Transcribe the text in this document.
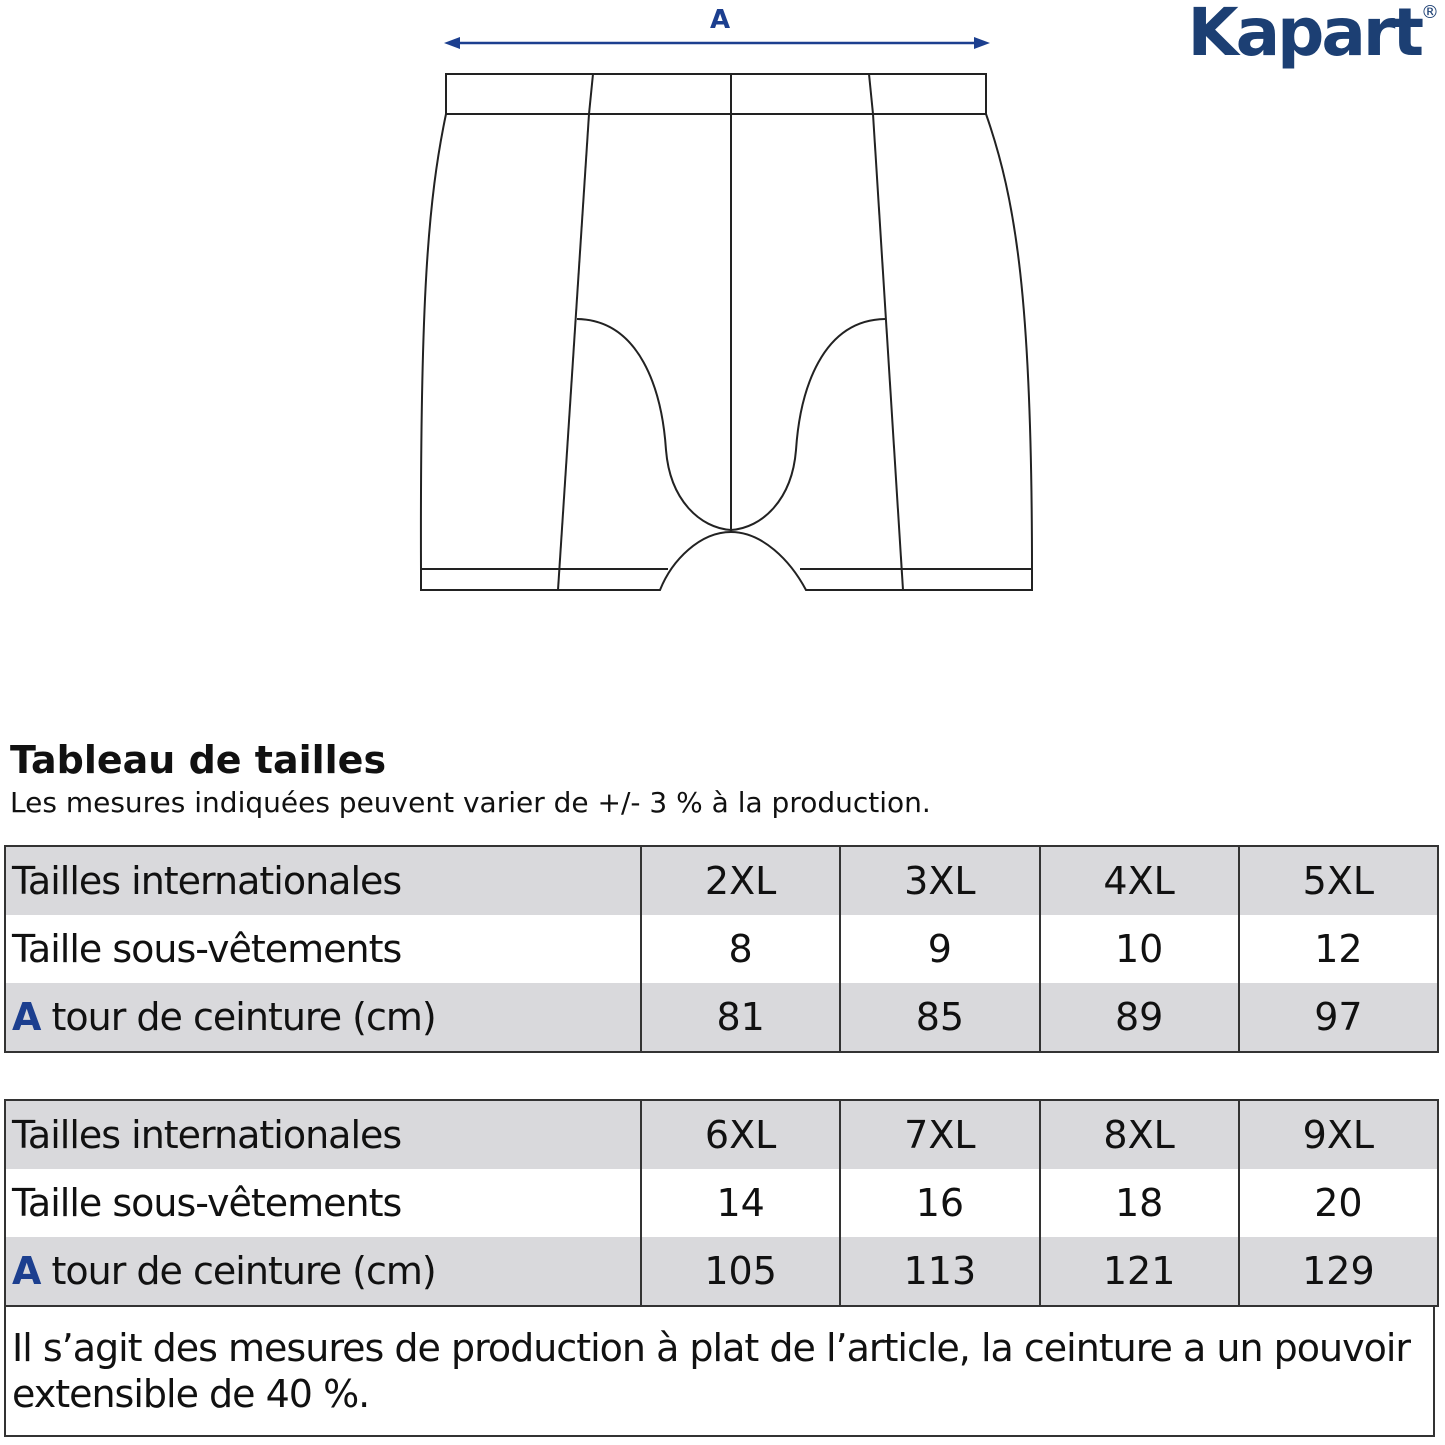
Kapart®
A
Tableau de tailles
Les mesures indiquées peuvent varier de +/- 3 % à la production.
Tailles internationales	2XL	3XL	4XL	5XL
Taille sous-vêtements	8	9	10	12
A tour de ceinture (cm)	81	85	89	97
Tailles internationales	6XL	7XL	8XL	9XL
Taille sous-vêtements	14	16	18	20
A tour de ceinture (cm)	105	113	121	129
Il s’agit des mesures de production à plat de l’article, la ceinture a un pouvoir extensible de 40 %.
